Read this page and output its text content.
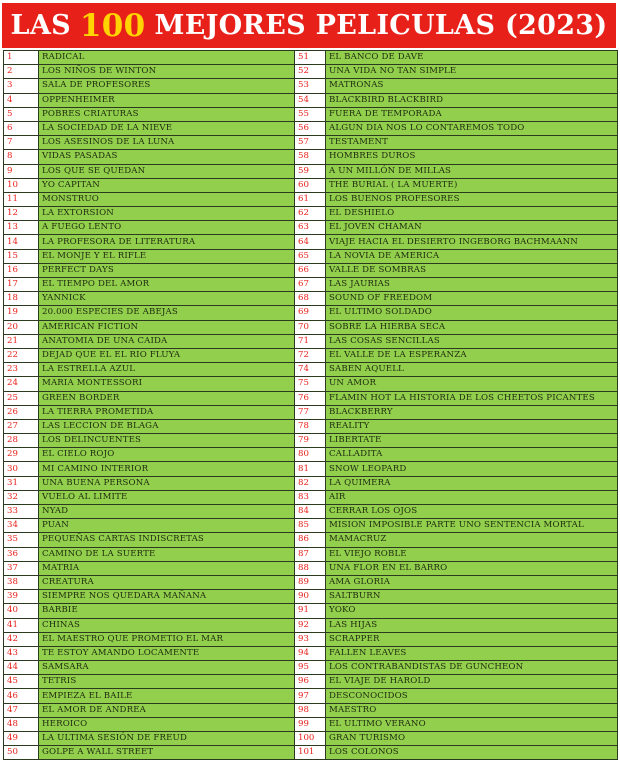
LAS 100 MEJORES PELICULAS (2023)
1	RADICAL	51	EL BANCO DE DAVE
2	LOS NIÑOS DE WINTON	52	UNA VIDA NO TAN SIMPLE
3	SALA DE PROFESORES	53	MATRONAS
4	OPPENHEIMER	54	BLACKBIRD BLACKBIRD
5	POBRES CRIATURAS	55	FUERA DE TEMPORADA
6	LA SOCIEDAD DE LA NIEVE	56	ALGUN DIA NOS LO CONTAREMOS TODO
7	LOS ASESINOS DE LA LUNA	57	TESTAMENT
8	VIDAS PASADAS	58	HOMBRES DUROS
9	LOS QUE SE QUEDAN	59	A UN MILLÓN DE MILLAS
10	YO CAPITAN	60	THE BURIAL ( LA MUERTE)
11	MONSTRUO	61	LOS BUENOS PROFESORES
12	LA EXTORSION	62	EL DESHIELO
13	A FUEGO LENTO	63	EL JOVEN CHAMAN
14	LA PROFESORA DE LITERATURA	64	VIAJE HACIA EL DESIERTO INGEBORG BACHMAANN
15	EL MONJE Y EL RIFLE	65	LA NOVIA DE AMERICA
16	PERFECT DAYS	66	VALLE DE SOMBRAS
17	EL TIEMPO DEL AMOR	67	LAS JAURIAS
18	YANNICK	68	SOUND OF FREEDOM
19	20.000 ESPECIES DE ABEJAS	69	EL ULTIMO SOLDADO
20	AMERICAN FICTION	70	SOBRE LA HIERBA SECA
21	ANATOMIA DE UNA CAIDA	71	LAS COSAS SENCILLAS
22	DEJAD QUE EL EL RIO FLUYA	72	EL VALLE DE LA ESPERANZA
23	LA ESTRELLA AZUL	74	SABEN AQUELL
24	MARIA MONTESSORI	75	UN AMOR
25	GREEN BORDER	76	FLAMIN HOT LA HISTORIA DE LOS CHEETOS PICANTES
26	LA TIERRA PROMETIDA	77	BLACKBERRY
27	LAS LECCION DE BLAGA	78	REALITY
28	LOS DELINCUENTES	79	LIBERTATE
29	EL CIELO ROJO	80	CALLADITA
30	MI CAMINO INTERIOR	81	SNOW LEOPARD
31	UNA BUENA PERSONA	82	LA QUIMERA
32	VUELO AL LIMITE	83	AIR
33	NYAD	84	CERRAR LOS OJOS
34	PUAN	85	MISION IMPOSIBLE PARTE UNO SENTENCIA MORTAL
35	PEQUEÑAS CARTAS INDISCRETAS	86	MAMACRUZ
36	CAMINO DE LA SUERTE	87	EL VIEJO ROBLE
37	MATRIA	88	UNA FLOR EN EL BARRO
38	CREATURA	89	AMA GLORIA
39	SIEMPRE NOS QUEDARA MAÑANA	90	SALTBURN
40	BARBIE	91	YOKO
41	CHINAS	92	LAS HIJAS
42	EL MAESTRO QUE PROMETIO EL MAR	93	SCRAPPER
43	TE ESTOY AMANDO LOCAMENTE	94	FALLEN LEAVES
44	SAMSARA	95	LOS CONTRABANDISTAS DE GUNCHEON
45	TETRIS	96	EL VIAJE DE HAROLD
46	EMPIEZA EL BAILE	97	DESCONOCIDOS
47	EL AMOR DE ANDREA	98	MAESTRO
48	HEROICO	99	EL ULTIMO VERANO
49	LA ULTIMA SESIÓN DE FREUD	100	GRAN TURISMO
50	GOLPE A WALL STREET	101	LOS COLONOS
